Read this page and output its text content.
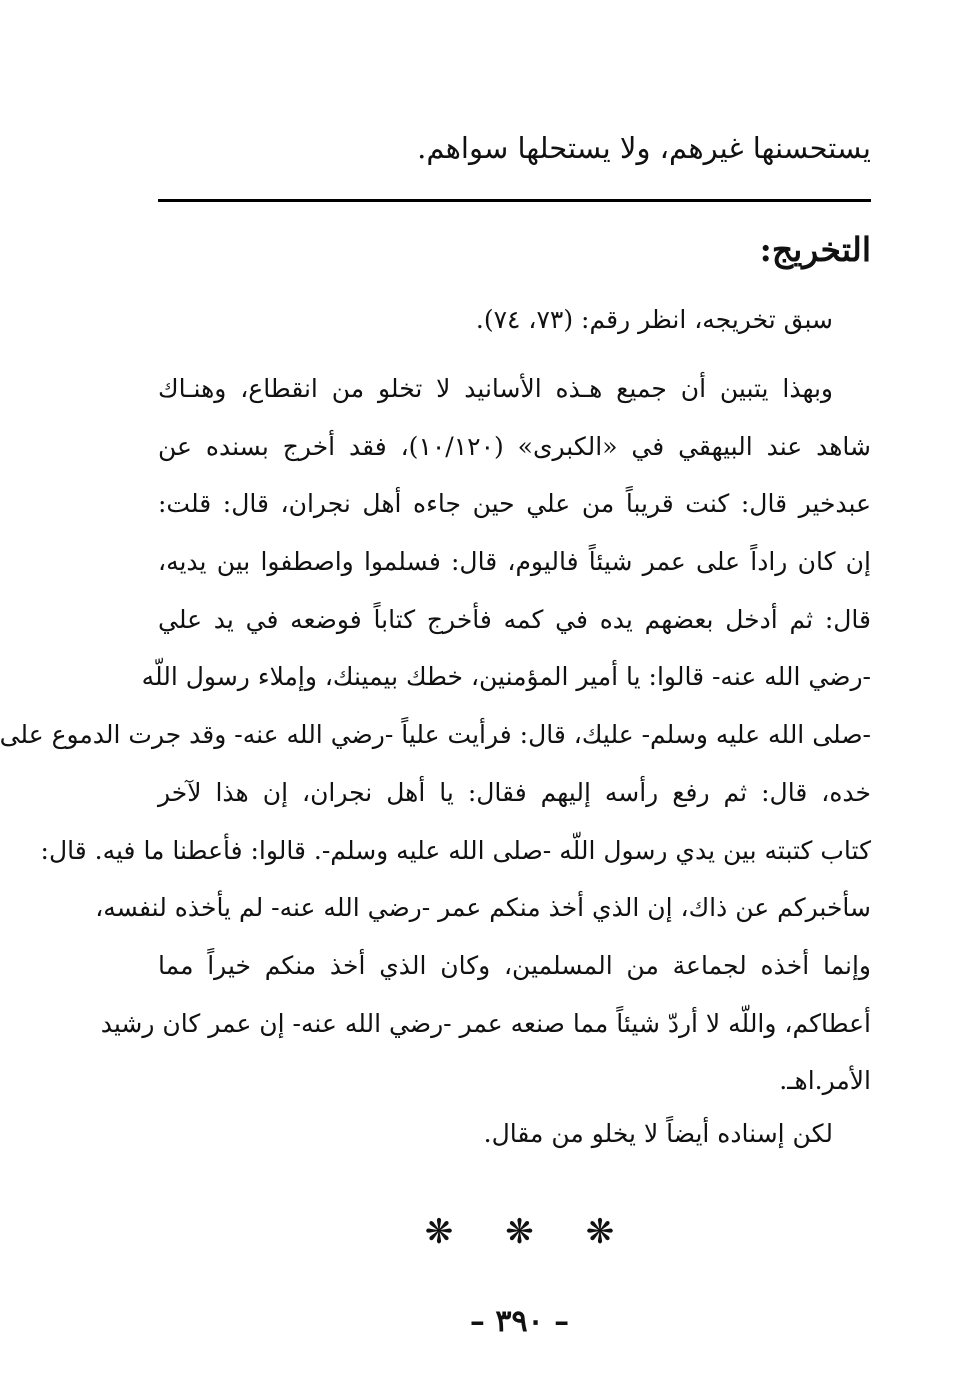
يستحسنها غيرهم، ولا يستحلها سواهم.
التخريج:
سبق تخريجه، انظر رقم: (٧٣، ٧٤).
وبهذا يتبين أن جميع هـذه الأسانيد لا تخلو من انقطاع، وهنـاك
شاهد عند البيهقي في «الكبرى» (١٠/١٢٠)، فقد أخرج بسنده عن
عبدخير قال: كنت قريباً من علي حين جاءه أهل نجران، قال: قلت:
إن كان راداً على عمر شيئاً فاليوم، قال: فسلموا واصطفوا بين يديه،
قال: ثم أدخل بعضهم يده في كمه فأخرج كتاباً فوضعه في يد علي
-رضي الله عنه- قالوا: يا أمير المؤمنين، خطك بيمينك، وإملاء رسول اللّه
-صلى الله عليه وسلم- عليك، قال: فرأيت علياً -رضي الله عنه- وقد جرت الدموع على
خده، قال: ثم رفع رأسه إليهم فقال: يا أهل نجران، إن هذا لآخر
كتاب كتبته بين يدي رسول اللّه -صلى الله عليه وسلم-. قالوا: فأعطنا ما فيه. قال:
سأخبركم عن ذاك، إن الذي أخذ منكم عمر -رضي الله عنه- لم يأخذه لنفسه،
وإنما أخذه لجماعة من المسلمين، وكان الذي أخذ منكم خيراً مما
أعطاكم، واللّه لا أردّ شيئاً مما صنعه عمر -رضي الله عنه- إن عمر كان رشيد
الأمر.اهـ.
لكن إسناده أيضاً لا يخلو من مقال.
❋
❋
❋
– ٣٩٠ –
